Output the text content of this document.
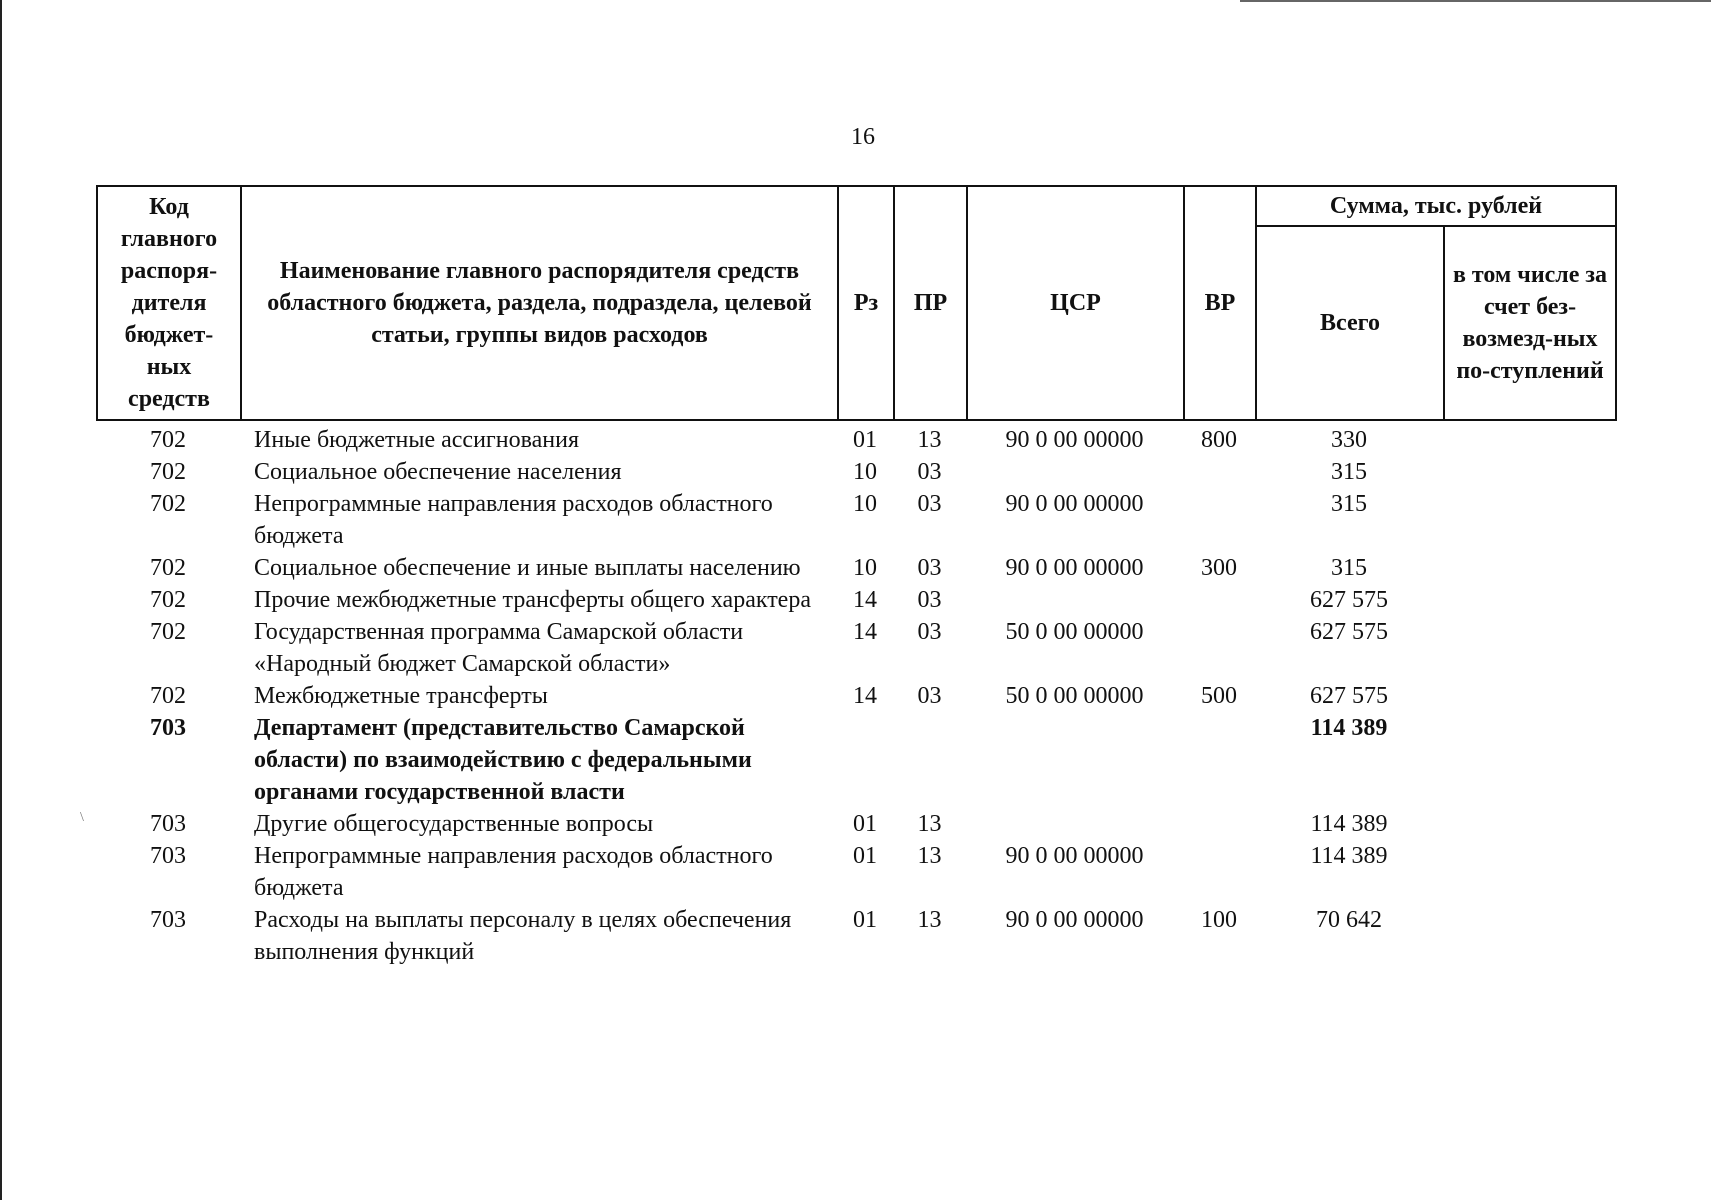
\
16
Код главного распоря-дителя бюджет-ных средств	Наименование главного распорядителя средств областного бюджета, раздела, подраздела, целевой статьи, группы видов расходов	Рз	ПР	ЦСР	ВР	Сумма, тыс. рублей	
						Всего	в том числе за счет без-возмезд-ных по-ступлений
702	Иные бюджетные ассигнования	01	13	90 0 00 00000	800	330	
702	Социальное обеспечение населения	10	03			315	
702	Непрограммные направления расходов областного бюджета	10	03	90 0 00 00000		315	
702	Социальное обеспечение и иные выплаты населению	10	03	90 0 00 00000	300	315	
702	Прочие межбюджетные трансферты общего характера	14	03			627 575	
702	Государственная программа Самарской области «Народный бюджет Самарской области»	14	03	50 0 00 00000		627 575	
702	Межбюджетные трансферты	14	03	50 0 00 00000	500	627 575	
703	Департамент (представительство Самарской области) по взаимодействию с федеральными органами государственной власти					114 389	
703	Другие общегосударственные вопросы	01	13			114 389	
703	Непрограммные направления расходов областного бюджета	01	13	90 0 00 00000		114 389	
703	Расходы на выплаты персоналу в целях обеспечения выполнения функций	01	13	90 0 00 00000	100	70 642	
